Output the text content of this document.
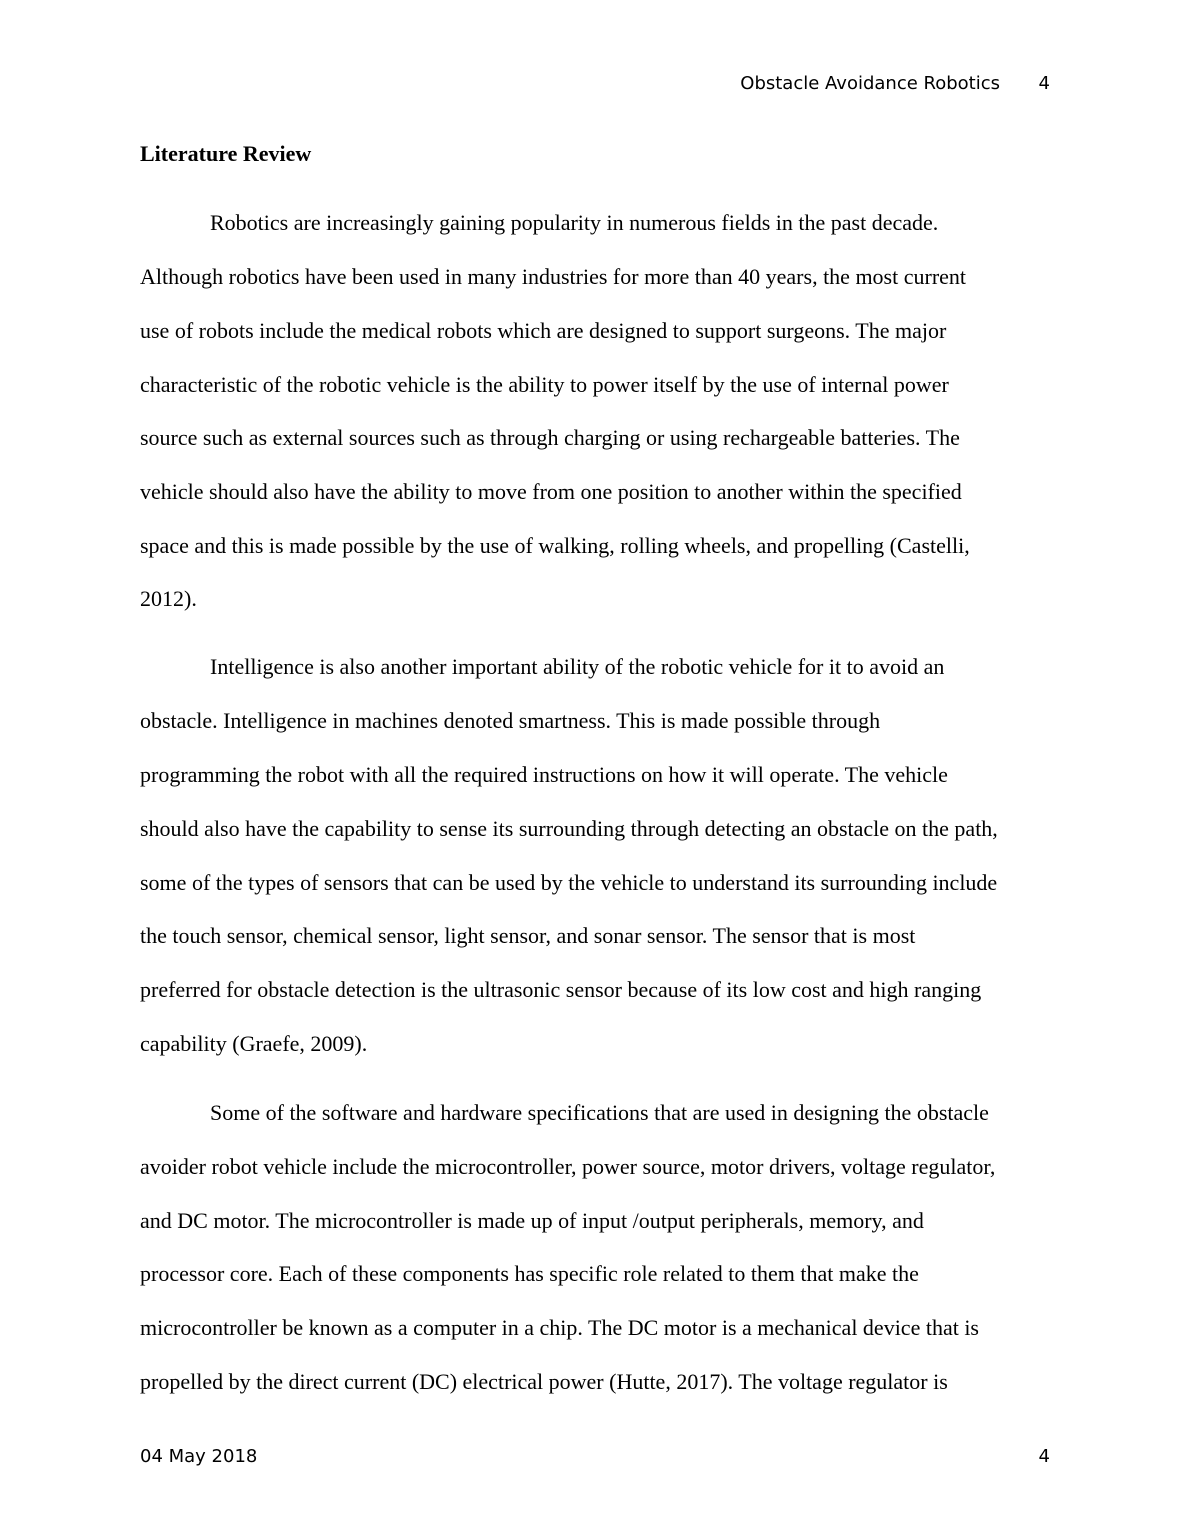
Obstacle Avoidance Robotics 4
Literature Review
Robotics are increasingly gaining popularity in numerous fields in the past decade.
Although robotics have been used in many industries for more than 40 years, the most current
use of robots include the medical robots which are designed to support surgeons. The major
characteristic of the robotic vehicle is the ability to power itself by the use of internal power
source such as external sources such as through charging or using rechargeable batteries. The
vehicle should also have the ability to move from one position to another within the specified
space and this is made possible by the use of walking, rolling wheels, and propelling (Castelli,
2012).
Intelligence is also another important ability of the robotic vehicle for it to avoid an
obstacle. Intelligence in machines denoted smartness. This is made possible through
programming the robot with all the required instructions on how it will operate. The vehicle
should also have the capability to sense its surrounding through detecting an obstacle on the path,
some of the types of sensors that can be used by the vehicle to understand its surrounding include
the touch sensor, chemical sensor, light sensor, and sonar sensor. The sensor that is most
preferred for obstacle detection is the ultrasonic sensor because of its low cost and high ranging
capability (Graefe, 2009).
Some of the software and hardware specifications that are used in designing the obstacle
avoider robot vehicle include the microcontroller, power source, motor drivers, voltage regulator,
and DC motor. The microcontroller is made up of input /output peripherals, memory, and
processor core. Each of these components has specific role related to them that make the
microcontroller be known as a computer in a chip. The DC motor is a mechanical device that is
propelled by the direct current (DC) electrical power (Hutte, 2017). The voltage regulator is
04 May 2018	4
